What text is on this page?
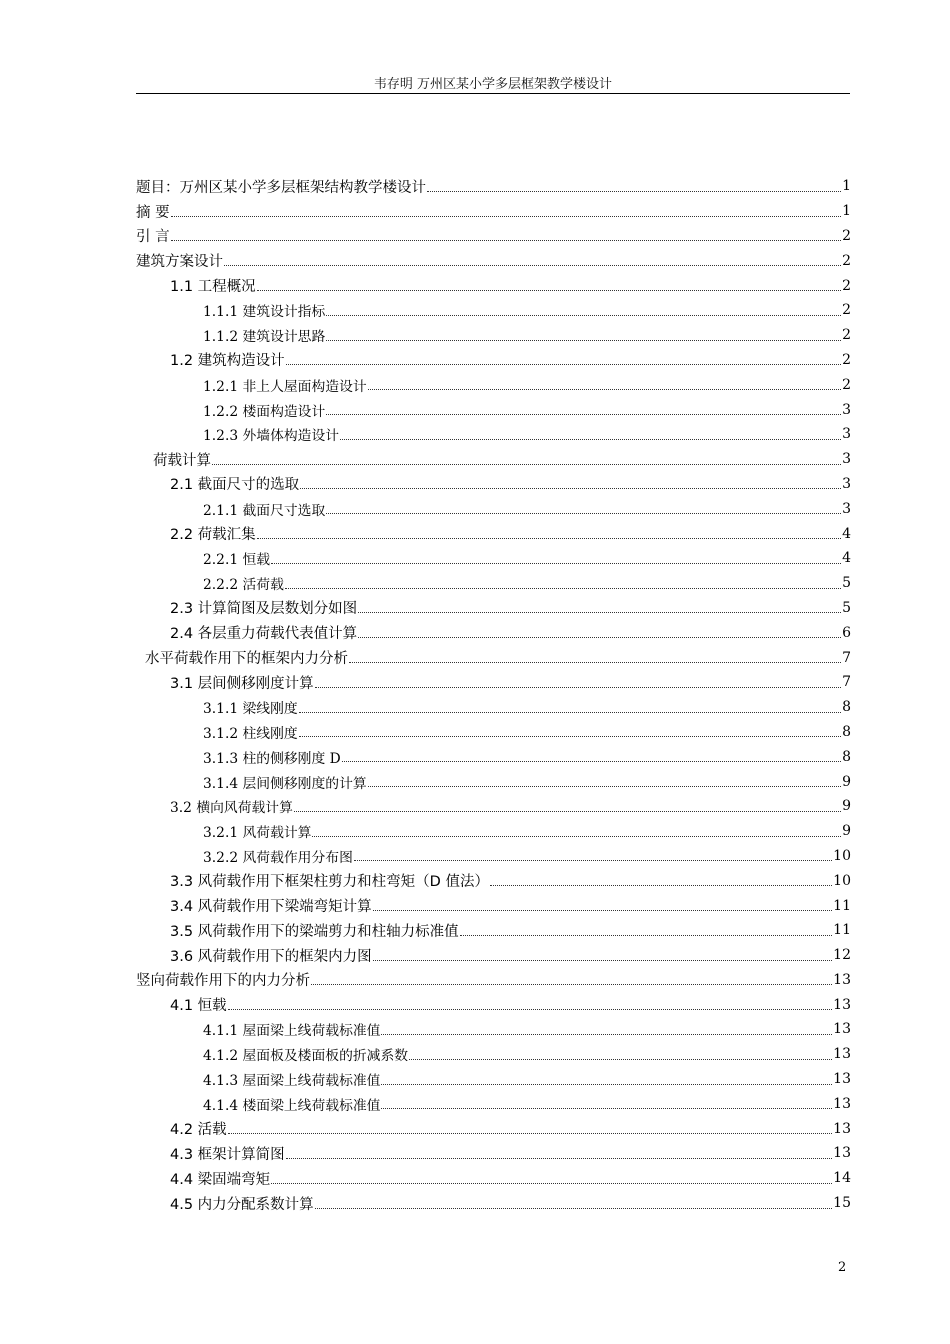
韦存明 万州区某小学多层框架教学楼设计
题目：万州区某小学多层框架结构教学楼设计	1
摘 要	1
引 言	2
建筑方案设计	2
1.1 工程概况	2
1.1.1 建筑设计指标	2
1.1.2 建筑设计思路	2
1.2 建筑构造设计	2
1.2.1 非上人屋面构造设计	2
1.2.2 楼面构造设计	3
1.2.3 外墙体构造设计	3
荷载计算	3
2.1 截面尺寸的选取	3
2.1.1 截面尺寸选取	3
2.2 荷载汇集	4
2.2.1 恒载	4
2.2.2 活荷载	5
2.3 计算简图及层数划分如图	5
2.4 各层重力荷载代表值计算	6
水平荷载作用下的框架内力分析	7
3.1 层间侧移刚度计算	7
3.1.1 梁线刚度	8
3.1.2 柱线刚度	8
3.1.3 柱的侧移刚度 D	8
3.1.4 层间侧移刚度的计算	9
3.2 横向风荷载计算	9
3.2.1 风荷载计算	9
3.2.2 风荷载作用分布图	10
3.3 风荷载作用下框架柱剪力和柱弯矩（D 值法）	10
3.4 风荷载作用下梁端弯矩计算	11
3.5 风荷载作用下的梁端剪力和柱轴力标准值	11
3.6 风荷载作用下的框架内力图	12
竖向荷载作用下的内力分析	13
4.1 恒载	13
4.1.1 屋面梁上线荷载标准值	13
4.1.2 屋面板及楼面板的折减系数	13
4.1.3 屋面梁上线荷载标准值	13
4.1.4 楼面梁上线荷载标准值	13
4.2 活载	13
4.3 框架计算简图	13
4.4 梁固端弯矩	14
4.5 内力分配系数计算	15
2
